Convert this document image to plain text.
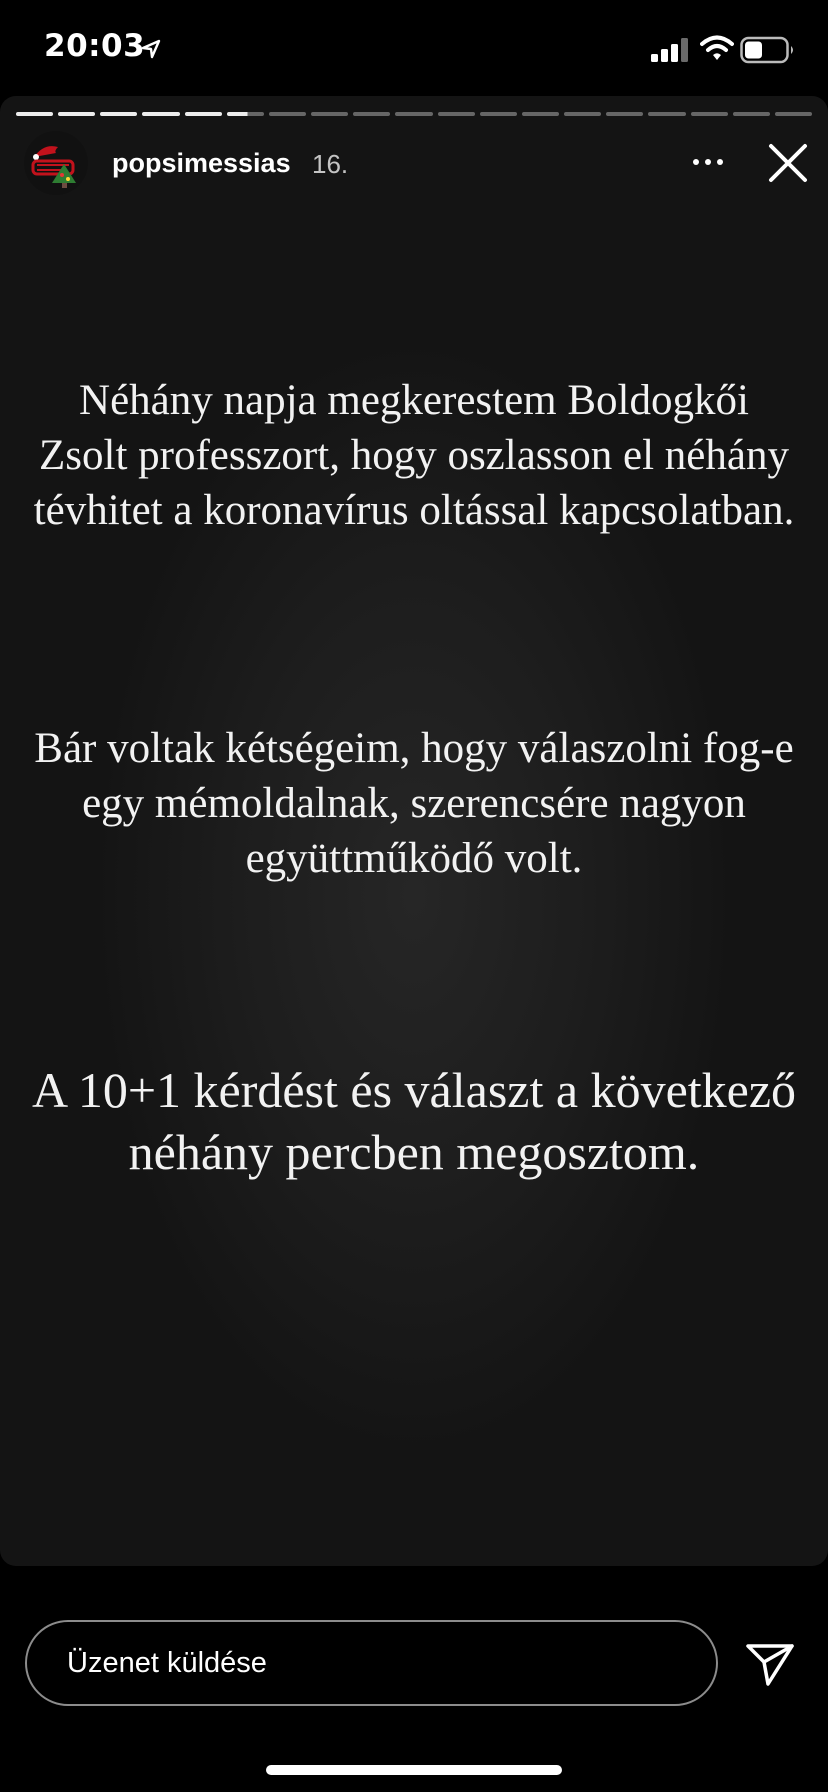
20:03
popsimessias 16.

Néhány napja megkerestem Boldogkői Zsolt professzort, hogy oszlasson el néhány tévhitet a koronavírus oltással kapcsolatban.

Bár voltak kétségeim, hogy válaszolni fog-e egy mémoldalnak, szerencsére nagyon együttműködő volt.

A 10+1 kérdést és választ a következő néhány percben megosztom.

Üzenet küldése
